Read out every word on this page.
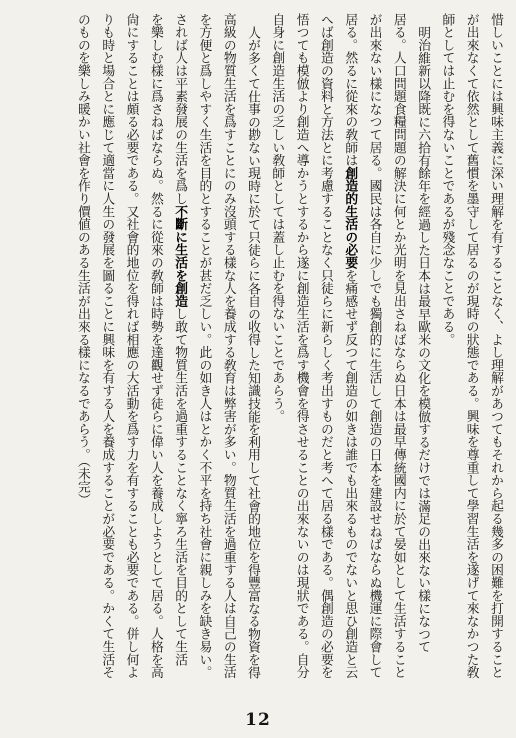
惜しいことには興味主義に深い理解を有することなく、よし理解があつてもそれから起る幾多の困難を打開すること
が出來なくて依然として舊慣を墨守して居るのが現時の狀態である。興味を尊重して學習生活を遂げて來なかつた敎
師としては止むを得ないことであるが殘念なことである。
明治維新以降既に六拾有餘年を經過した日本は最早歐米の文化を模倣するだけでは滿足の出來ない樣になつて
居る。人口問題食糧問題の解決に何とか光明を見出さねばならぬ日本は最早傳統國内に於て晏如として生活すること
が出來ない樣になつて居る。國民は各自に少しでも獨創的に生活して創造の日本を建設せねばならぬ機運に際會して
居る。然るに從來の敎師は創造的生活の必要を痛感せず反つて創造の如きは誰でも出來るものでないと思ひ創造と云
へば創造の資料と方法とに考慮することなく只徒らに新らしく考出すものだと考へて居る樣である。偶創造の必要を
悟つても模倣より創造へ導かうとするから遂に創造生活を爲す機會を得させることの出來ないのは現狀である。自分
自身に創造生活の乏しい敎師としては蓋し止むを得ないことであらう。
人が多くて仕事の尠ない現時に於て只徒らに各自の收得した知識技能を利用して社會的地位を得豐富なる物資を得
高級の物質生活を爲すことにのみ沒頭する樣な人を養成する敎育は弊害が多い。物質生活を過重する人は自己の生活
を方便と爲しやすく生活を目的とすることが甚だ乏しい。此の如き人はとかく不平を持ち社會に親しみを缺き易い。
されば人は平素發展の生活を爲し不斷に生活を創造し敢て物質生活を過重することなく寧ろ生活を目的として生活
を樂しむ樣に爲さねばならぬ。然るに從來の敎師は時勢を達觀せず徒らに偉い人を養成しようとして居る。人格を高
尙にすることは頗る必要である。又社會的地位を得れば相應の大活動を爲す力を有することも必要である。併し何よ
りも時と場合とに應じて適當に人生の發展を圖ることに興味を有する人を養成することが必要である。かくて生活そ
のものを樂しみ暖かい社會を作り價値のある生活が出來る樣になるであらう。（未完）
12
